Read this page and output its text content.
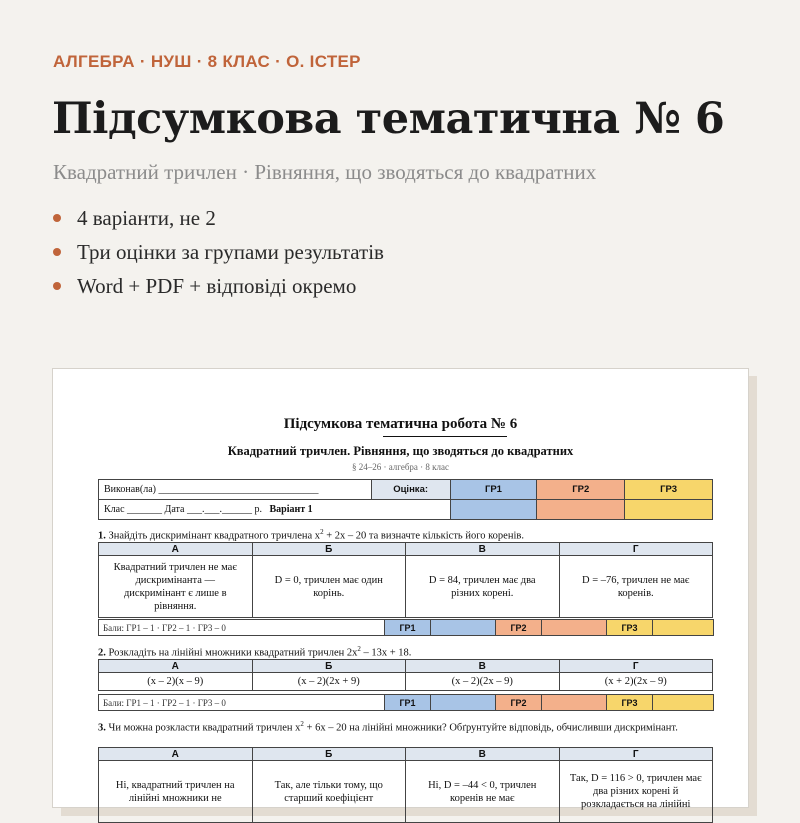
АЛГЕБРА · НУШ · 8 КЛАС · О. ІСТЕР
Підсумкова тематична № 6
Квадратний тричлен · Рівняння, що зводяться до квадратних
4 варіанти, не 2
Три оцінки за групами результатів
Word + PDF + відповіді окремо
Підсумкова тематична робота № 6
Квадратний тричлен. Рівняння, що зводяться до квадратних
§ 24–26 · алгебра · 8 клас
Виконав(ла) ________________________________	Оцінка:	ГР1	ГР2	ГР3
Клас _______ Дата ___.___.______ р. Варіант 1				
1. Знайдіть дискримінант квадратного тричлена $x^2 + 2x - 20$ та визначте кількість його коренів.
А	Б	В	Г
Квадратний тричлен не має дискримінанта — дискримінант є лише в рівняння.	D = 0, тричлен має один корінь.	D = 84, тричлен має два різних корені.	D = –76, тричлен не має коренів.
Бали: ГР1 – 1 · ГР2 – 1 · ГР3 – 0	ГР1		ГР2		ГР3	
2. Розкладіть на лінійні множники квадратний тричлен $2x^2 - 13x + 18$.
А	Б	В	Г
(x – 2)(x – 9)	(x – 2)(2x + 9)	(x – 2)(2x – 9)	(x + 2)(2x – 9)
Бали: ГР1 – 1 · ГР2 – 1 · ГР3 – 0	ГР1		ГР2		ГР3	
3. Чи можна розкласти квадратний тричлен $x^2 + 6x - 20$ на лінійні множники? Обґрунтуйте відповідь, обчисливши дискримінант.
А	Б	В	Г
Ні, квадратний тричлен на лінійні множники не	Так, але тільки тому, що старший коефіцієнт	Ні, D = –44 < 0, тричлен коренів не має	Так, D = 116 > 0, тричлен має два різних корені й розкладається на лінійні
